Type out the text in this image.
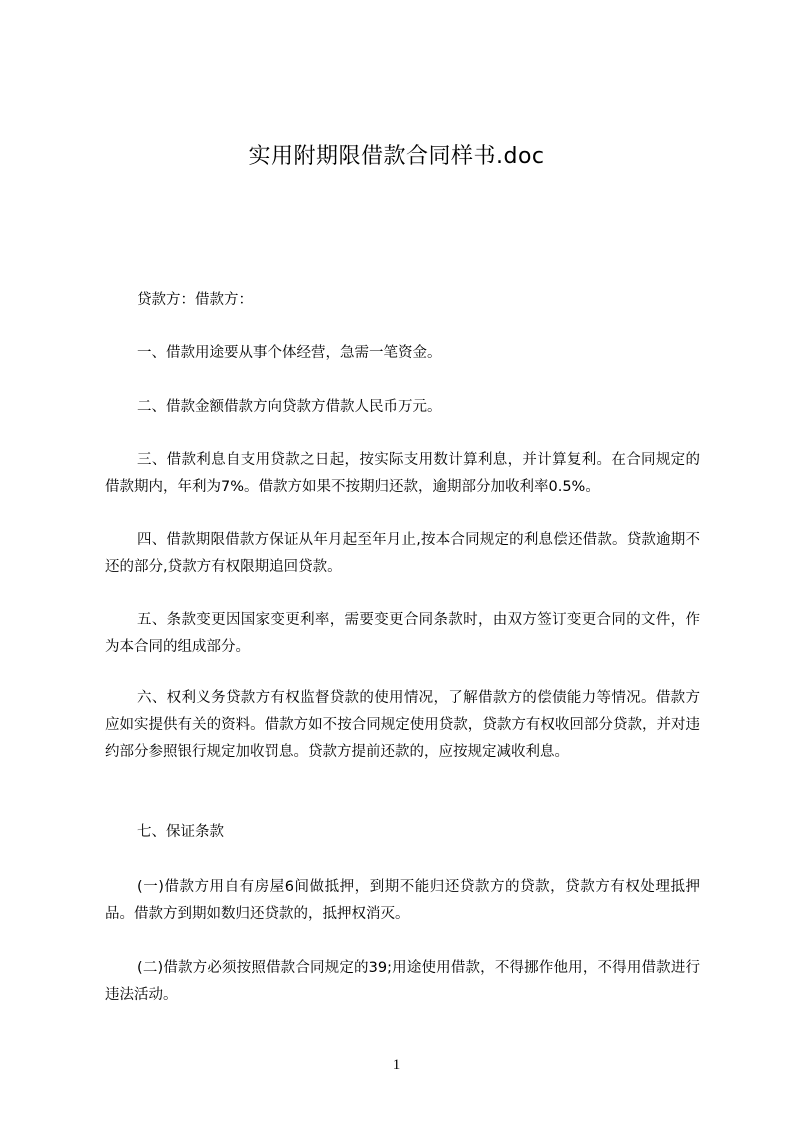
实用附期限借款合同样书.doc

贷款方：借款方：

一、借款用途要从事个体经营，急需一笔资金。

二、借款金额借款方向贷款方借款人民币万元。

三、借款利息自支用贷款之日起，按实际支用数计算利息，并计算复利。在合同规定的借款期内，年利为7%。借款方如果不按期归还款，逾期部分加收利率0.5%。

四、借款期限借款方保证从年月起至年月止,按本合同规定的利息偿还借款。贷款逾期不还的部分,贷款方有权限期追回贷款。

五、条款变更因国家变更利率，需要变更合同条款时，由双方签订变更合同的文件，作为本合同的组成部分。

六、权利义务贷款方有权监督贷款的使用情况，了解借款方的偿债能力等情况。借款方应如实提供有关的资料。借款方如不按合同规定使用贷款，贷款方有权收回部分贷款，并对违约部分参照银行规定加收罚息。贷款方提前还款的，应按规定减收利息。

七、保证条款

(一)借款方用自有房屋6间做抵押，到期不能归还贷款方的贷款，贷款方有权处理抵押品。借款方到期如数归还贷款的，抵押权消灭。

(二)借款方必须按照借款合同规定的39;用途使用借款，不得挪作他用，不得用借款进行违法活动。

1
